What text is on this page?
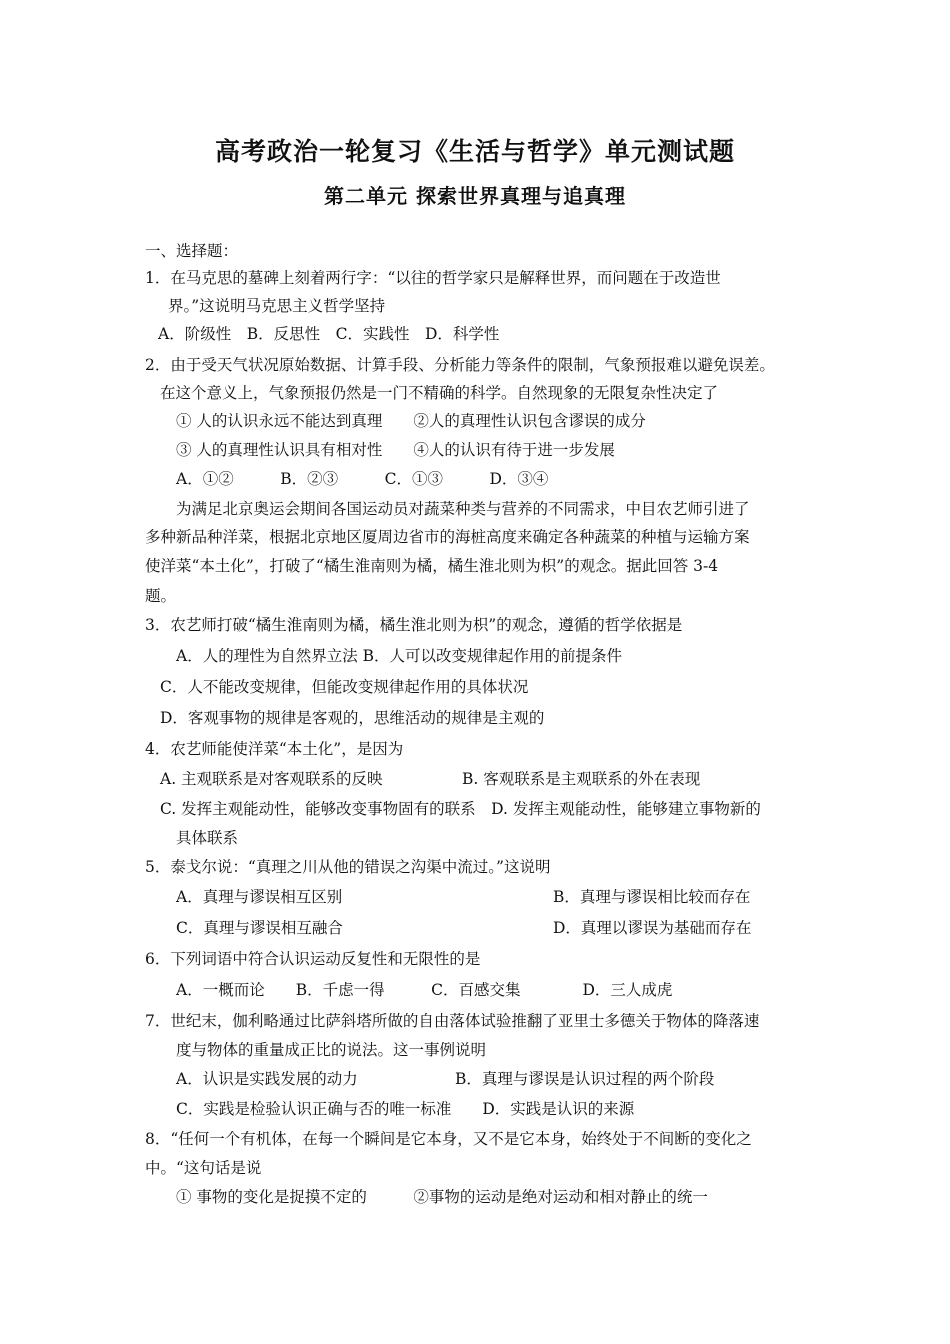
高考政治一轮复习《生活与哲学》单元测试题
第二单元 探索世界真理与追真理
一、选择题：
1．在马克思的墓碑上刻着两行字：“以往的哲学家只是解释世界，而问题在于改造世
界。”这说明马克思主义哲学坚持
A．阶级性　B．反思性　C．实践性　D．科学性
2．由于受天气状况原始数据、计算手段、分析能力等条件的限制，气象预报难以避免误差。
在这个意义上，气象预报仍然是一门不精确的科学。自然现象的无限复杂性决定了
① 人的认识永远不能达到真理　　②人的真理性认识包含谬误的成分
③ 人的真理性认识具有相对性　　④人的认识有待于进一步发展
A．①②　　　B．②③　　　C．①③　　　D．③④
为满足北京奥运会期间各国运动员对蔬菜种类与营养的不同需求，中目农艺师引进了
多种新品种洋菜，根据北京地区厦周边省市的海桩高度来确定各种蔬菜的种植与运输方案
使洋菜“本土化”，打破了“橘生淮南则为橘，橘生淮北则为枳”的观念。据此回答 3-4
题。
3．农艺师打破“橘生淮南则为橘，橘生淮北则为枳”的观念，遵循的哲学依据是
A．人的理性为自然界立法 B．人可以改变规律起作用的前提条件
C．人不能改变规律，但能改变规律起作用的具体状况
D．客观事物的规律是客观的，思维活动的规律是主观的
4．农艺师能使洋菜“本土化”，是因为
A. 主观联系是对客观联系的反映	B. 客观联系是主观联系的外在表现
C. 发挥主观能动性，能够改变事物固有的联系　D. 发挥主观能动性，能够建立事物新的
具体联系
5．泰戈尔说：“真理之川从他的错误之沟渠中流过。”这说明
A．真理与谬误相互区别	B．真理与谬误相比较而存在
C．真理与谬误相互融合	D．真理以谬误为基础而存在
6．下列词语中符合认识运动反复性和无限性的是
A．一概而论　　B．千虑一得　　　C．百感交集　　　　D．三人成虎
7．世纪末，伽利略通过比萨斜塔所做的自由落体试验推翻了亚里士多德关于物体的降落速
度与物体的重量成正比的说法。这一事例说明
A．认识是实践发展的动力	B．真理与谬误是认识过程的两个阶段
C．实践是检验认识正确与否的唯一标准　　D．实践是认识的来源
8．“任何一个有机体，在每一个瞬间是它本身，又不是它本身，始终处于不间断的变化之
中。“这句话是说
① 事物的变化是捉摸不定的　　　②事物的运动是绝对运动和相对静止的统一
